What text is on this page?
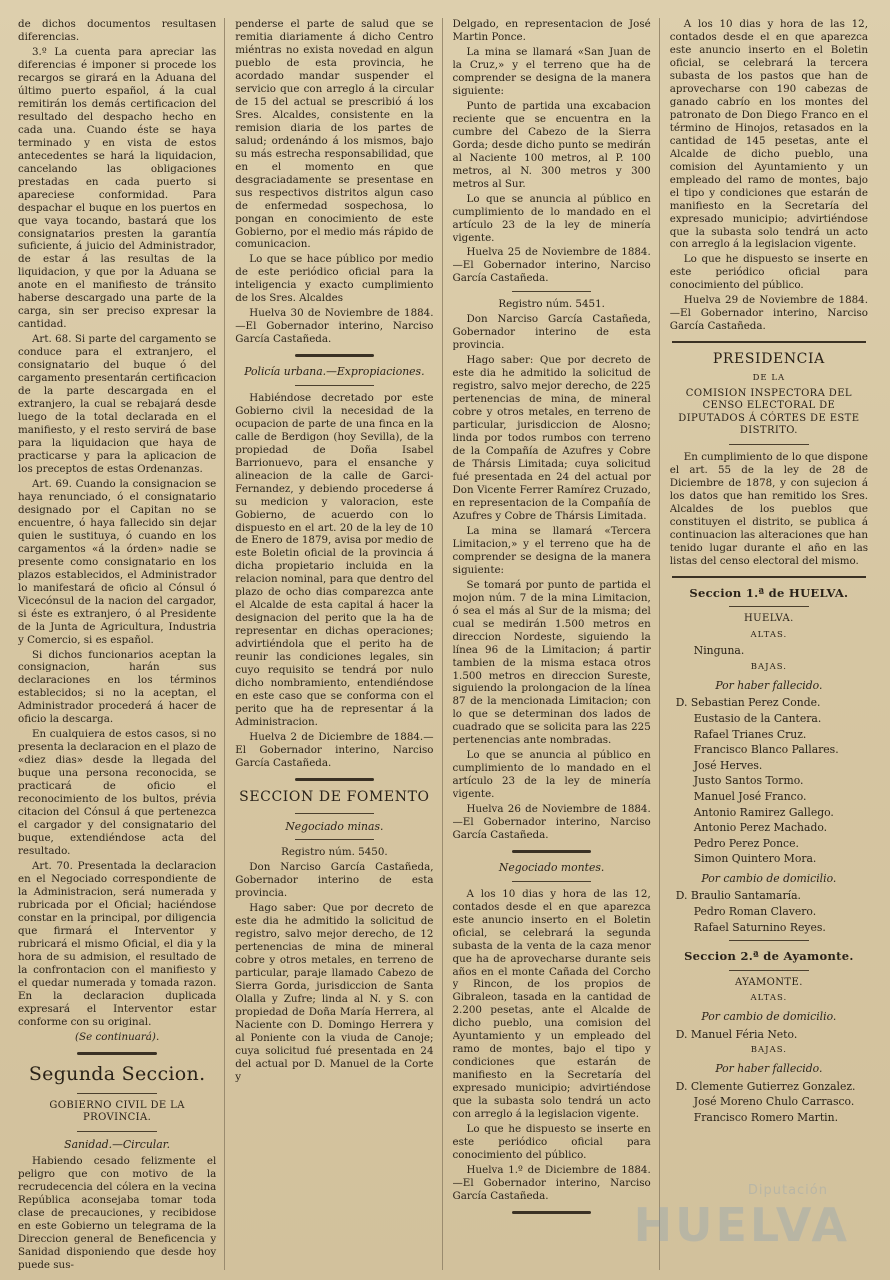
de dichos documentos resultasen diferencias.

3.º La cuenta para apreciar las diferencias é imponer si procede los recargos se girará en la Aduana del último puerto español, á la cual remitirán los demás certificacion del resultado del despacho hecho en cada una. Cuando éste se haya terminado y en vista de estos antecedentes se hará la liquidacion, cancelando las obligaciones prestadas en cada puerto si apareciese conformidad. Para despachar el buque en los puertos en que vaya tocando, bastará que los consignatarios presten la garantía suficiente, á juicio del Administrador, de estar á las resultas de la liquidacion, y que por la Aduana se anote en el manifiesto de tránsito haberse descargado una parte de la carga, sin ser preciso expresar la cantidad.

Art. 68. Si parte del cargamento se conduce para el extranjero, el consignatario del buque ó del cargamento presentarán certificacion de la parte descargada en el extranjero, la cual se rebajará desde luego de la total declarada en el manifiesto, y el resto servirá de base para la liquidacion que haya de practicarse y para la aplicacion de los preceptos de estas Ordenanzas.

Art. 69. Cuando la consignacion se haya renunciado, ó el consignatario designado por el Capitan no se encuentre, ó haya fallecido sin dejar quien le sustituya, ó cuando en los cargamentos «á la órden» nadie se presente como consignatario en los plazos establecidos, el Administrador lo manifestará de oficio al Cónsul ó Vicecónsul de la nacion del cargador, si éste es extranjero, ó al Presidente de la Junta de Agricultura, Industria y Comercio, si es español.

Si dichos funcionarios aceptan la consignacion, harán sus declaraciones en los términos establecidos; si no la aceptan, el Administrador procederá á hacer de oficio la descarga.

En cualquiera de estos casos, si no presenta la declaracion en el plazo de «diez dias» desde la llegada del buque una persona reconocida, se practicará de oficio el reconocimiento de los bultos, prévia citacion del Cónsul á que pertenezca el cargador y del consignatario del buque, extendiéndose acta del resultado.

Art. 70. Presentada la declaracion en el Negociado correspondiente de la Administracion, será numerada y rubricada por el Oficial; haciéndose constar en la principal, por diligencia que firmará el Interventor y rubricará el mismo Oficial, el dia y la hora de su admision, el resultado de la confrontacion con el manifiesto y el quedar numerada y tomada razon. En la declaracion duplicada expresará el Interventor estar conforme con su original.

(Se continuará).

Segunda Seccion.
GOBIERNO CIVIL DE LA PROVINCIA.
Sanidad.—Circular.

Habiendo cesado felizmente el peligro que con motivo de la recrudecencia del cólera en la vecina República aconsejaba tomar toda clase de precauciones, y recibidose en este Gobierno un telegrama de la Direccion general de Beneficencia y Sanidad disponiendo que desde hoy puede sus-

penderse el parte de salud que se remitia diariamente á dicho Centro miéntras no exista novedad en algun pueblo de esta provincia, he acordado mandar suspender el servicio que con arreglo á la circular de 15 del actual se prescribió á los Sres. Alcaldes, consistente en la remision diaria de los partes de salud; ordenándo á los mismos, bajo su más estrecha responsabilidad, que en el momento en que desgraciadamente se presentase en sus respectivos distritos algun caso de enfermedad sospechosa, lo pongan en conocimiento de este Gobierno, por el medio más rápido de comunicacion.

Lo que se hace público por medio de este periódico oficial para la inteligencia y exacto cumplimiento de los Sres. Alcaldes

Huelva 30 de Noviembre de 1884.—El Gobernador interino, Narciso García Castañeda.

Policía urbana.—Expropiaciones.

Habiéndose decretado por este Gobierno civil la necesidad de la ocupacion de parte de una finca en la calle de Berdigon (hoy Sevilla), de la propiedad de Doña Isabel Barrionuevo, para el ensanche y alineacion de la calle de Garci-Fernandez, y debiendo procederse á su medicion y valoracion, este Gobierno, de acuerdo con lo dispuesto en el art. 20 de la ley de 10 de Enero de 1879, avisa por medio de este Boletin oficial de la provincia á dicha propietario incluida en la relacion nominal, para que dentro del plazo de ocho dias comparezca ante el Alcalde de esta capital á hacer la designacion del perito que la ha de representar en dichas operaciones; advirtiéndola que el perito ha de reunir las condiciones legales, sin cuyo requisito se tendrá por nulo dicho nombramiento, entendiéndose en este caso que se conforma con el perito que ha de representar á la Administracion.

Huelva 2 de Diciembre de 1884.—El Gobernador interino, Narciso García Castañeda.

SECCION DE FOMENTO
Negociado minas.

Registro núm. 5450.

Don Narciso García Castañeda, Gobernador interino de esta provincia.

Hago saber: Que por decreto de este dia he admitido la solicitud de registro, salvo mejor derecho, de 12 pertenencias de mina de mineral cobre y otros metales, en terreno de particular, paraje llamado Cabezo de Sierra Gorda, jurisdiccion de Santa Olalla y Zufre; linda al N. y S. con propiedad de Doña María Herrera, al Naciente con D. Domingo Herrera y al Poniente con la viuda de Canoje; cuya solicitud fué presentada en 24 del actual por D. Manuel de la Corte y

Delgado, en representacion de José Martin Ponce.

La mina se llamará «San Juan de la Cruz,» y el terreno que ha de comprender se designa de la manera siguiente:

Punto de partida una excabacion reciente que se encuentra en la cumbre del Cabezo de la Sierra Gorda; desde dicho punto se medirán al Naciente 100 metros, al P. 100 metros, al N. 300 metros y 300 metros al Sur.

Lo que se anuncia al público en cumplimiento de lo mandado en el artículo 23 de la ley de minería vigente.

Huelva 25 de Noviembre de 1884. —El Gobernador interino, Narciso García Castañeda.

Registro núm. 5451.

Don Narciso García Castañeda, Gobernador interino de esta provincia.

Hago saber: Que por decreto de este dia he admitido la solicitud de registro, salvo mejor derecho, de 225 pertenencias de mina, de mineral cobre y otros metales, en terreno de particular, jurisdiccion de Alosno; linda por todos rumbos con terreno de la Compañía de Azufres y Cobre de Thársis Limitada; cuya solicitud fué presentada en 24 del actual por Don Vicente Ferrer Ramírez Cruzado, en representacion de la Compañía de Azufres y Cobre de Thársis Limitada.

La mina se llamará «Tercera Limitacion,» y el terreno que ha de comprender se designa de la manera siguiente:

Se tomará por punto de partida el mojon núm. 7 de la mina Limitacion, ó sea el más al Sur de la misma; del cual se medirán 1.500 metros en direccion Nordeste, siguiendo la línea 96 de la Limitacion; á partir tambien de la misma estaca otros 1.500 metros en direccion Sureste, siguiendo la prolongacion de la línea 87 de la mencionada Limitacion; con lo que se determinan dos lados de cuadrado que se solicita para las 225 pertenencias ante nombradas.

Lo que se anuncia al público en cumplimiento de lo mandado en el artículo 23 de la ley de minería vigente.

Huelva 26 de Noviembre de 1884. —El Gobernador interino, Narciso García Castañeda.

Negociado montes.

A los 10 dias y hora de las 12, contados desde el en que aparezca este anuncio inserto en el Boletin oficial, se celebrará la segunda subasta de la venta de la caza menor que ha de aprovecharse durante seis años en el monte Cañada del Corcho y Rincon, de los propios de Gibraleon, tasada en la cantidad de 2.200 pesetas, ante el Alcalde de dicho pueblo, una comision del Ayuntamiento y un empleado del ramo de montes, bajo el tipo y condiciones que estarán de manifiesto en la Secretaría del expresado municipio; advirtiéndose que la subasta solo tendrá un acto con arreglo á la legislacion vigente.

Lo que he dispuesto se inserte en este periódico oficial para conocimiento del público.

Huelva 1.º de Diciembre de 1884. —El Gobernador interino, Narciso García Castañeda.

A los 10 dias y hora de las 12, contados desde el en que aparezca este anuncio inserto en el Boletin oficial, se celebrará la tercera subasta de los pastos que han de aprovecharse con 190 cabezas de ganado cabrío en los montes del patronato de Don Diego Franco en el término de Hinojos, retasados en la cantidad de 145 pesetas, ante el Alcalde de dicho pueblo, una comision del Ayuntamiento y un empleado del ramo de montes, bajo el tipo y condiciones que estarán de manifiesto en la Secretaría del expresado municipio; advirtiéndose que la subasta solo tendrá un acto con arreglo á la legislacion vigente.

Lo que he dispuesto se inserte en este periódico oficial para conocimiento del público.

Huelva 29 de Noviembre de 1884. —El Gobernador interino, Narciso García Castañeda.

PRESIDENCIA
DE LA
COMISION INSPECTORA DEL CENSO ELECTORAL DE DIPUTADOS Á CÓRTES DE ESTE DISTRITO.

En cumplimiento de lo que dispone el art. 55 de la ley de 28 de Diciembre de 1878, y con sujecion á los datos que han remitido los Sres. Alcaldes de los pueblos que constituyen el distrito, se publica á continuacion las alteraciones que han tenido lugar durante el año en las listas del censo electoral del mismo.

Seccion 1.ª de HUELVA.
HUELVA.
ALTAS.

Ninguna.

BAJAS.
Por haber fallecido.

D. Sebastian Perez Conde.

Eustasio de la Cantera.

Rafael Trianes Cruz.

Francisco Blanco Pallares.

José Herves.

Justo Santos Tormo.

Manuel José Franco.

Antonio Ramirez Gallego.

Antonio Perez Machado.

Pedro Perez Ponce.

Simon Quintero Mora.

Por cambio de domicilio.

D. Braulio Santamaría.

Pedro Roman Clavero.

Rafael Saturnino Reyes.

Seccion 2.ª de Ayamonte.
AYAMONTE.
ALTAS.
Por cambio de domicilio.

D. Manuel Féria Neto.

BAJAS.
Por haber fallecido.

D. Clemente Gutierrez Gonzalez.

José Moreno Chulo Carrasco.

Francisco Romero Martin.

Diputación
HUELVA
